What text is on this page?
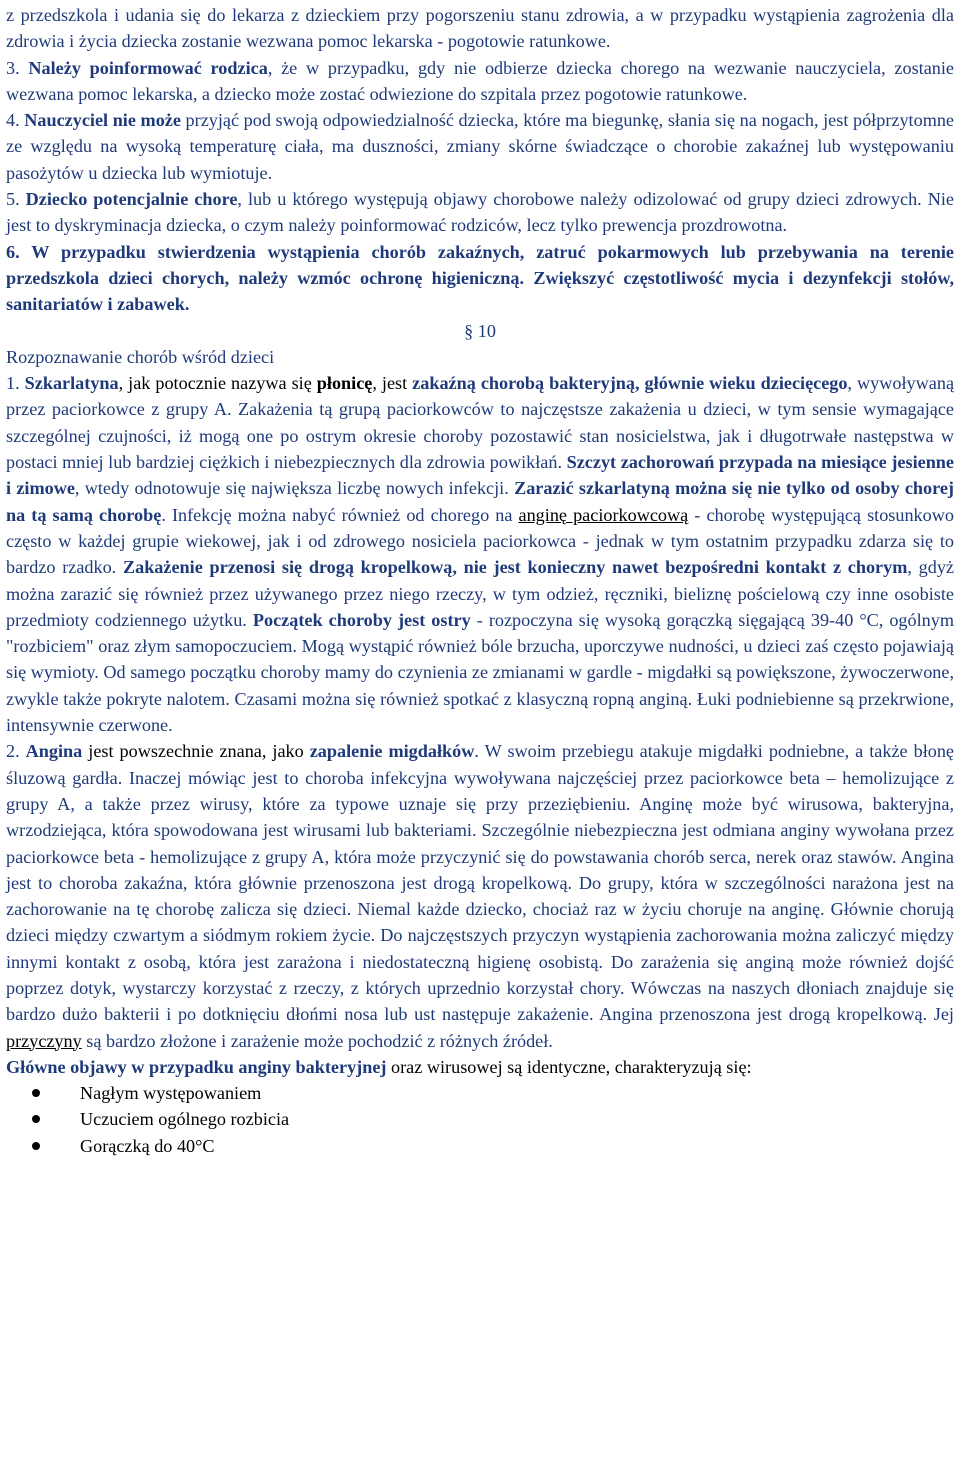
z przedszkola i udania się do lekarza z dzieckiem przy pogorszeniu stanu zdrowia, a w przypadku wystąpienia zagrożenia dla zdrowia i życia dziecka zostanie wezwana pomoc lekarska - pogotowie ratunkowe.

3. Należy poinformować rodzica, że w przypadku, gdy nie odbierze dziecka chorego na wezwanie nauczyciela, zostanie wezwana pomoc lekarska, a dziecko może zostać odwiezione do szpitala przez pogotowie ratunkowe.

4. Nauczyciel nie może przyjąć pod swoją odpowiedzialność dziecka, które ma biegunkę, słania się na nogach, jest półprzytomne ze względu na wysoką temperaturę ciała, ma duszności, zmiany skórne świadczące o chorobie zakaźnej lub występowaniu pasożytów u dziecka lub wymiotuje.

5. Dziecko potencjalnie chore, lub u którego występują objawy chorobowe należy odizolować od grupy dzieci zdrowych. Nie jest to dyskryminacja dziecka, o czym należy poinformować rodziców, lecz tylko prewencja prozdrowotna.

6. W przypadku stwierdzenia wystąpienia chorób zakaźnych, zatruć pokarmowych lub przebywania na terenie przedszkola dzieci chorych, należy wzmóc ochronę higieniczną. Zwiększyć częstotliwość mycia i dezynfekcji stołów, sanitariatów i zabawek.

§ 10

Rozpoznawanie chorób wśród dzieci

1. Szkarlatyna, jak potocznie nazywa się płonicę, jest zakaźną chorobą bakteryjną, głównie wieku dziecięcego, wywoływaną przez paciorkowce z grupy A. Zakażenia tą grupą paciorkowców to najczęstsze zakażenia u dzieci, w tym sensie wymagające szczególnej czujności, iż mogą one po ostrym okresie choroby pozostawić stan nosicielstwa, jak i długotrwałe następstwa w postaci mniej lub bardziej ciężkich i niebezpiecznych dla zdrowia powikłań. Szczyt zachorowań przypada na miesiące jesienne i zimowe, wtedy odnotowuje się największa liczbę nowych infekcji. Zarazić szkarlatyną można się nie tylko od osoby chorej na tą samą chorobę. Infekcję można nabyć również od chorego na anginę paciorkowcową - chorobę występującą stosunkowo często w każdej grupie wiekowej, jak i od zdrowego nosiciela paciorkowca - jednak w tym ostatnim przypadku zdarza się to bardzo rzadko. Zakażenie przenosi się drogą kropelkową, nie jest konieczny nawet bezpośredni kontakt z chorym, gdyż można zarazić się również przez używanego przez niego rzeczy, w tym odzież, ręczniki, bieliznę pościelową czy inne osobiste przedmioty codziennego użytku. Początek choroby jest ostry - rozpoczyna się wysoką gorączką sięgającą 39-40 °C, ogólnym "rozbiciem" oraz złym samopoczuciem. Mogą wystąpić również bóle brzucha, uporczywe nudności, u dzieci zaś często pojawiają się wymioty. Od samego początku choroby mamy do czynienia ze zmianami w gardle - migdałki są powiększone, żywoczerwone, zwykle także pokryte nalotem. Czasami można się również spotkać z klasyczną ropną anginą. Łuki podniebienne są przekrwione, intensywnie czerwone.

2. Angina jest powszechnie znana, jako zapalenie migdałków. W swoim przebiegu atakuje migdałki podniebne, a także błonę śluzową gardła. Inaczej mówiąc jest to choroba infekcyjna wywoływana najczęściej przez paciorkowce beta – hemolizujące z grupy A, a także przez wirusy, które za typowe uznaje się przy przeziębieniu. Anginę może być wirusowa, bakteryjna, wrzodziejąca, która spowodowana jest wirusami lub bakteriami. Szczególnie niebezpieczna jest odmiana anginy wywołana przez paciorkowce beta - hemolizujące z grupy A, która może przyczynić się do powstawania chorób serca, nerek oraz stawów. Angina jest to choroba zakaźna, która głównie przenoszona jest drogą kropelkową. Do grupy, która w szczególności narażona jest na zachorowanie na tę chorobę zalicza się dzieci. Niemal każde dziecko, chociaż raz w życiu choruje na anginę. Głównie chorują dzieci między czwartym a siódmym rokiem życie. Do najczęstszych przyczyn wystąpienia zachorowania można zaliczyć między innymi kontakt z osobą, która jest zarażona i niedostateczną higienę osobistą. Do zarażenia się anginą może również dojść poprzez dotyk, wystarczy korzystać z rzeczy, z których uprzednio korzystał chory. Wówczas na naszych dłoniach znajduje się bardzo dużo bakterii i po dotknięciu dłońmi nosa lub ust następuje zakażenie. Angina przenoszona jest drogą kropelkową. Jej przyczyny są bardzo złożone i zarażenie może pochodzić z różnych źródeł.

Główne objawy w przypadku anginy bakteryjnej oraz wirusowej są identyczne, charakteryzują się:

Nagłym występowaniem
Uczuciem ogólnego rozbicia
Gorączką do 40°C
